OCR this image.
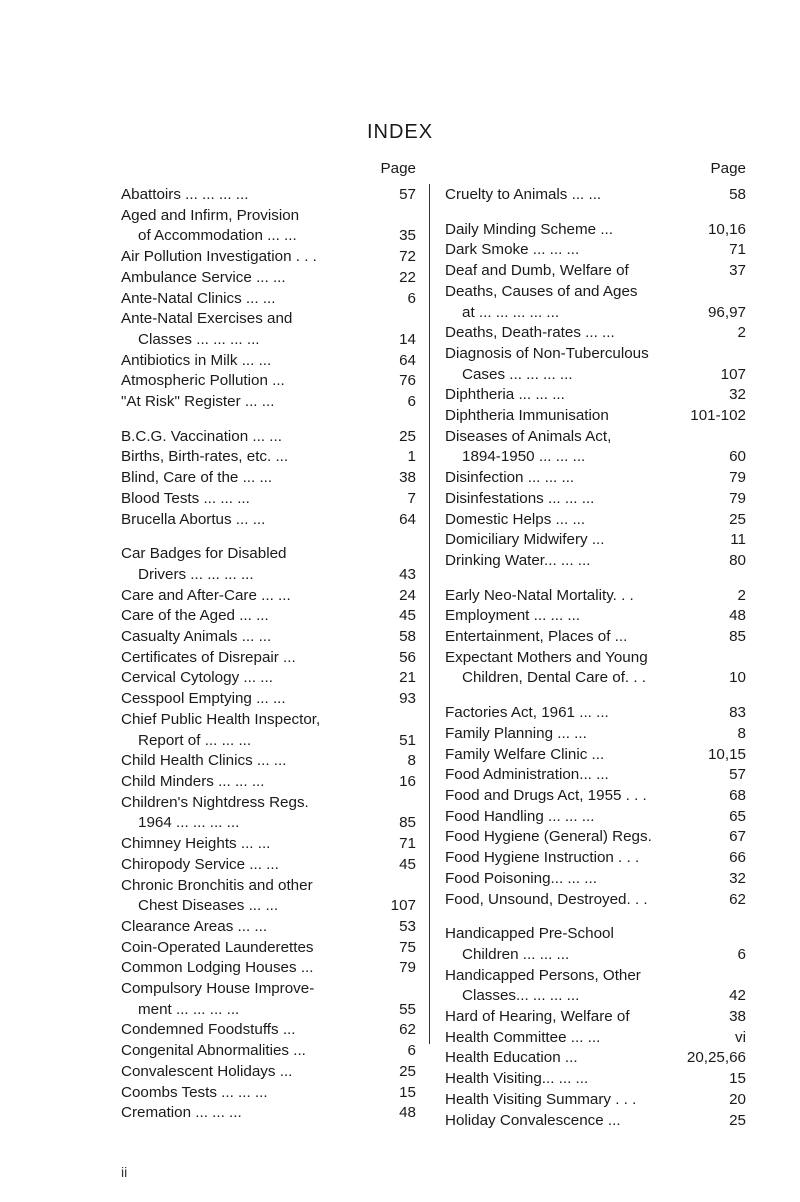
INDEX
Page
Abattoirs ... ... ... ...	57
Aged and Infirm, Provision
of Accommodation ... ...	35
Air Pollution Investigation . . .	72
Ambulance Service ... ...	22
Ante-Natal Clinics ... ...	6
Ante-Natal Exercises and
Classes ... ... ... ...	14
Antibiotics in Milk ... ...	64
Atmospheric Pollution ...	76
"At Risk" Register ... ...	6
B.C.G. Vaccination ... ...	25
Births, Birth-rates, etc. ...	1
Blind, Care of the ... ...	38
Blood Tests ... ... ...	7
Brucella Abortus ... ...	64
Car Badges for Disabled
Drivers ... ... ... ...	43
Care and After-Care ... ...	24
Care of the Aged ... ...	45
Casualty Animals ... ...	58
Certificates of Disrepair ...	56
Cervical Cytology ... ...	21
Cesspool Emptying ... ...	93
Chief Public Health Inspector,
Report of ... ... ...	51
Child Health Clinics ... ...	8
Child Minders ... ... ...	16
Children's Nightdress Regs.
1964 ... ... ... ...	85
Chimney Heights ... ...	71
Chiropody Service ... ...	45
Chronic Bronchitis and other
Chest Diseases ... ...	107
Clearance Areas ... ...	53
Coin-Operated Launderettes	75
Common Lodging Houses ...	79
Compulsory House Improve-
ment ... ... ... ...	55
Condemned Foodstuffs ...	62
Congenital Abnormalities ...	6
Convalescent Holidays ...	25
Coombs Tests ... ... ...	15
Cremation ... ... ...	48
Page
Cruelty to Animals ... ...	58
Daily Minding Scheme ...	10,16
Dark Smoke ... ... ...	71
Deaf and Dumb, Welfare of	37
Deaths, Causes of and Ages
at ... ... ... ... ...	96,97
Deaths, Death-rates ... ...	2
Diagnosis of Non-Tuberculous
Cases ... ... ... ...	107
Diphtheria ... ... ...	32
Diphtheria Immunisation	101-102
Diseases of Animals Act,
1894-1950 ... ... ...	60
Disinfection ... ... ...	79
Disinfestations ... ... ...	79
Domestic Helps ... ...	25
Domiciliary Midwifery ...	11
Drinking Water... ... ...	80
Early Neo-Natal Mortality. . .	2
Employment ... ... ...	48
Entertainment, Places of ...	85
Expectant Mothers and Young
Children, Dental Care of. . .	10
Factories Act, 1961 ... ...	83
Family Planning ... ...	8
Family Welfare Clinic ...	10,15
Food Administration... ...	57
Food and Drugs Act, 1955 . . .	68
Food Handling ... ... ...	65
Food Hygiene (General) Regs.	67
Food Hygiene Instruction . . .	66
Food Poisoning... ... ...	32
Food, Unsound, Destroyed. . .	62
Handicapped Pre-School
Children ... ... ...	6
Handicapped Persons, Other
Classes... ... ... ...	42
Hard of Hearing, Welfare of	38
Health Committee ... ...	vi
Health Education ...	20,25,66
Health Visiting... ... ...	15
Health Visiting Summary . . .	20
Holiday Convalescence ...	25
ii
